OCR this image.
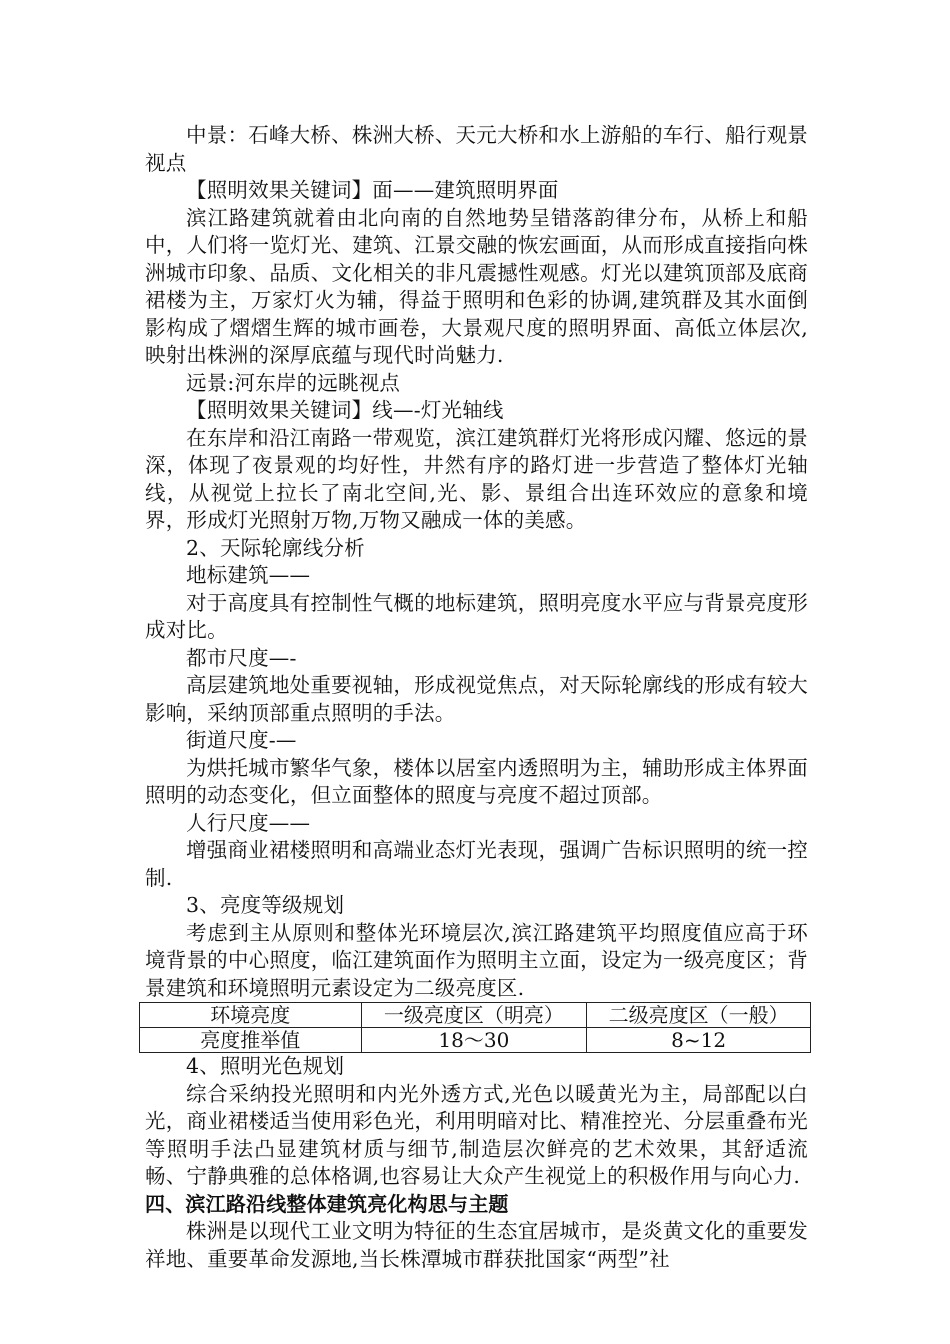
中景：石峰大桥、株洲大桥、天元大桥和水上游船的车行、船行观景视点

【照明效果关键词】面——建筑照明界面

滨江路建筑就着由北向南的自然地势呈错落韵律分布，从桥上和船中，人们将一览灯光、建筑、江景交融的恢宏画面，从而形成直接指向株洲城市印象、品质、文化相关的非凡震撼性观感。灯光以建筑顶部及底商裙楼为主，万家灯火为辅，得益于照明和色彩的协调,建筑群及其水面倒影构成了熠熠生辉的城市画卷，大景观尺度的照明界面、高低立体层次,映射出株洲的深厚底蕴与现代时尚魅力.

远景:河东岸的远眺视点

【照明效果关键词】线—-灯光轴线

在东岸和沿江南路一带观览，滨江建筑群灯光将形成闪耀、悠远的景深，体现了夜景观的均好性，井然有序的路灯进一步营造了整体灯光轴线，从视觉上拉长了南北空间,光、影、景组合出连环效应的意象和境界，形成灯光照射万物,万物又融成一体的美感。

2、天际轮廓线分析

地标建筑——

对于高度具有控制性气概的地标建筑，照明亮度水平应与背景亮度形成对比。

都市尺度—-

高层建筑地处重要视轴，形成视觉焦点，对天际轮廓线的形成有较大影响，采纳顶部重点照明的手法。

街道尺度-—

为烘托城市繁华气象，楼体以居室内透照明为主，辅助形成主体界面照明的动态变化，但立面整体的照度与亮度不超过顶部。

人行尺度——

增强商业裙楼照明和高端业态灯光表现，强调广告标识照明的统一控制.

3、亮度等级规划

考虑到主从原则和整体光环境层次,滨江路建筑平均照度值应高于环境背景的中心照度，临江建筑面作为照明主立面，设定为一级亮度区；背景建筑和环境照明元素设定为二级亮度区.

环境亮度	一级亮度区（明亮）	二级亮度区（一般）
亮度推举值	18～30	8~12

4、照明光色规划

综合采纳投光照明和内光外透方式,光色以暖黄光为主，局部配以白光，商业裙楼适当使用彩色光，利用明暗对比、精准控光、分层重叠布光等照明手法凸显建筑材质与细节,制造层次鲜亮的艺术效果，其舒适流畅、宁静典雅的总体格调,也容易让大众产生视觉上的积极作用与向心力.

四、滨江路沿线整体建筑亮化构思与主题

株洲是以现代工业文明为特征的生态宜居城市，是炎黄文化的重要发祥地、重要革命发源地,当长株潭城市群获批国家“两型”社
